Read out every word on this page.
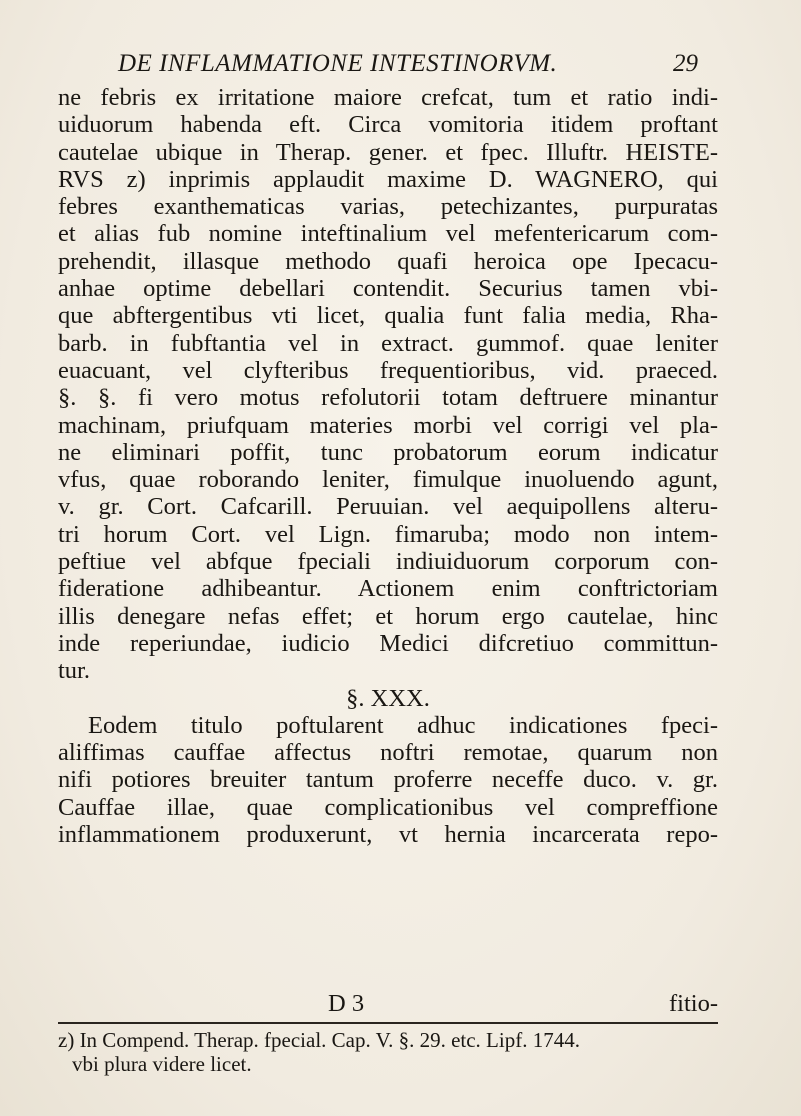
DE INFLAMMATIONE INTESTINORVM.	29
ne febris ex irritatione maiore crefcat, tum et ratio indi-
uiduorum habenda eft. Circa vomitoria itidem proftant
cautelae ubique in Therap. gener. et fpec. Illuftr. HEISTE-
RVS z) inprimis applaudit maxime D. WAGNERO, qui
febres exanthematicas varias, petechizantes, purpuratas
et alias fub nomine inteftinalium vel mefentericarum com-
prehendit, illasque methodo quafi heroica ope Ipecacu-
anhae optime debellari contendit. Securius tamen vbi-
que abftergentibus vti licet, qualia funt falia media, Rha-
barb. in fubftantia vel in extract. gummof. quae leniter
euacuant, vel clyfteribus frequentioribus, vid. praeced.
§. §. fi vero motus refolutorii totam deftruere minantur
machinam, priufquam materies morbi vel corrigi vel pla-
ne eliminari poffit, tunc probatorum eorum indicatur
vfus, quae roborando leniter, fimulque inuoluendo agunt,
v. gr. Cort. Cafcarill. Peruuian. vel aequipollens alteru-
tri horum Cort. vel Lign. fimaruba; modo non intem-
peftiue vel abfque fpeciali indiuiduorum corporum con-
fideratione adhibeantur. Actionem enim conftrictoriam
illis denegare nefas effet; et horum ergo cautelae, hinc
inde reperiundae, iudicio Medici difcretiuo committun-
tur.
§. XXX.
Eodem titulo poftularent adhuc indicationes fpeci-
aliffimas cauffae affectus noftri remotae, quarum non
nifi potiores breuiter tantum proferre neceffe duco. v. gr.
Cauffae illae, quae complicationibus vel compreffione
inflammationem produxerunt, vt hernia incarcerata repo-
D 3	fitio-
z) In Compend. Therap. fpecial. Cap. V. §. 29. etc. Lipf. 1744.
vbi plura videre licet.
